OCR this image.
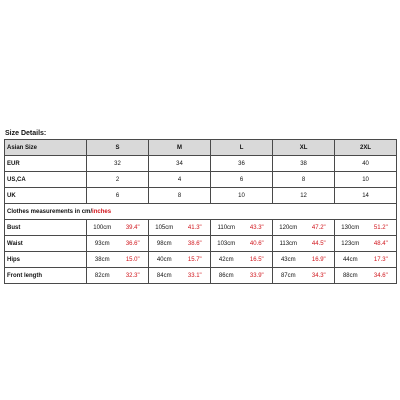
Size Details:
Asian Size	S		M		L		XL		2XL	
EUR	32		34		36		38		40	
US,CA	2		4		6		8		10	
UK	6		8		10		12		14	
Clothes measurements in cm/inches										
Bust	100cm	39.4"	105cm	41.3"	110cm	43.3"	120cm	47.2"	130cm	51.2"
Waist	93cm	36.6"	98cm	38.6"	103cm	40.6"	113cm	44.5"	123cm	48.4"
Hips	38cm	15.0"	40cm	15.7"	42cm	16.5"	43cm	16.9"	44cm	17.3"
Front length	82cm	32.3"	84cm	33.1"	86cm	33.9"	87cm	34.3"	88cm	34.6"
